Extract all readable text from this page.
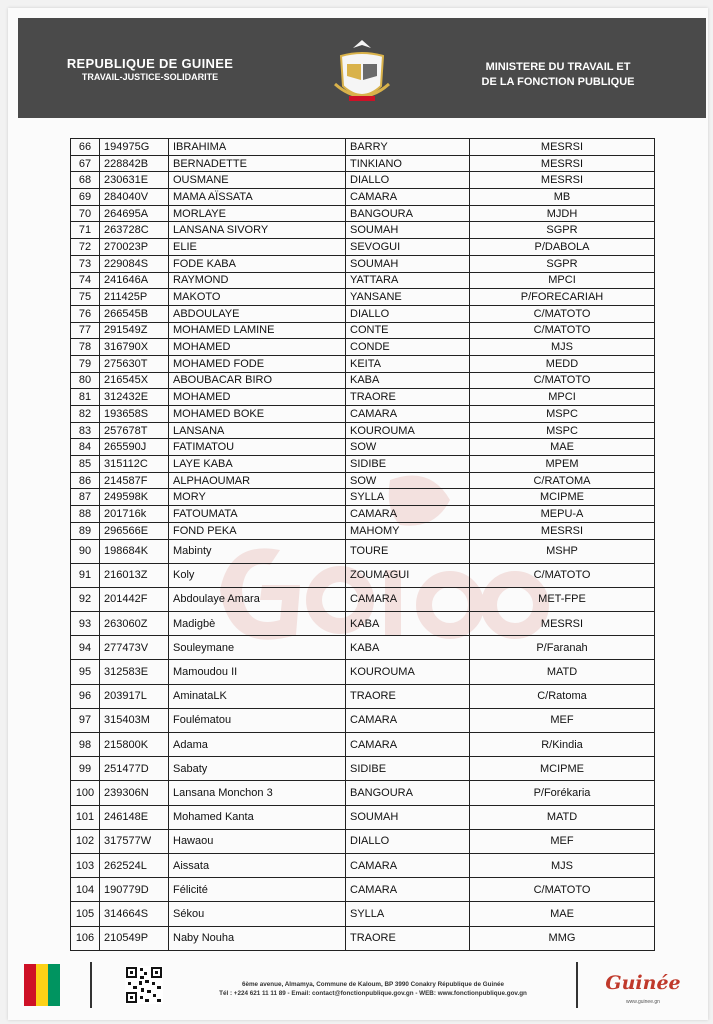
REPUBLIQUE DE GUINEE
TRAVAIL-JUSTICE-SOLIDARITE
MINISTERE DU TRAVAIL ET
DE LA FONCTION PUBLIQUE
66	194975G	IBRAHIMA	BARRY	MESRSI
67	228842B	BERNADETTE	TINKIANO	MESRSI
68	230631E	OUSMANE	DIALLO	MESRSI
69	284040V	MAMA AÏSSATA	CAMARA	MB
70	264695A	MORLAYE	BANGOURA	MJDH
71	263728C	LANSANA SIVORY	SOUMAH	SGPR
72	270023P	ELIE	SEVOGUI	P/DABOLA
73	229084S	FODE KABA	SOUMAH	SGPR
74	241646A	RAYMOND	YATTARA	MPCI
75	211425P	MAKOTO	YANSANE	P/FORECARIAH
76	266545B	ABDOULAYE	DIALLO	C/MATOTO
77	291549Z	MOHAMED LAMINE	CONTE	C/MATOTO
78	316790X	MOHAMED	CONDE	MJS
79	275630T	MOHAMED FODE	KEITA	MEDD
80	216545X	ABOUBACAR BIRO	KABA	C/MATOTO
81	312432E	MOHAMED	TRAORE	MPCI
82	193658S	MOHAMED BOKE	CAMARA	MSPC
83	257678T	LANSANA	KOUROUMA	MSPC
84	265590J	FATIMATOU	SOW	MAE
85	315112C	LAYE KABA	SIDIBE	MPEM
86	214587F	ALPHAOUMAR	SOW	C/RATOMA
87	249598K	MORY	SYLLA	MCIPME
88	201716k	FATOUMATA	CAMARA	MEPU-A
89	296566E	FOND PEKA	MAHOMY	MESRSI
90	198684K	Mabinty	TOURE	MSHP
91	216013Z	Koly	ZOUMAGUI	C/MATOTO
92	201442F	Abdoulaye Amara	CAMARA	MET-FPE
93	263060Z	Madigbè	KABA	MESRSI
94	277473V	Souleymane	KABA	P/Faranah
95	312583E	Mamoudou II	KOUROUMA	MATD
96	203917L	AminataLK	TRAORE	C/Ratoma
97	315403M	Foulématou	CAMARA	MEF
98	215800K	Adama	CAMARA	R/Kindia
99	251477D	Sabaty	SIDIBE	MCIPME
100	239306N	Lansana Monchon 3	BANGOURA	P/Forékaria
101	246148E	Mohamed Kanta	SOUMAH	MATD
102	317577W	Hawaou	DIALLO	MEF
103	262524L	Aissata	CAMARA	MJS
104	190779D	Félicité	CAMARA	C/MATOTO
105	314664S	Sékou	SYLLA	MAE
106	210549P	Naby Nouha	TRAORE	MMG
6ème avenue, Almamya, Commune de Kaloum, BP 3990 Conakry République de Guinée
Tél : +224 621 11 11 89 - Email: contact@fonctionpublique.gov.gn - WEB: www.fonctionpublique.gov.gn	Guinée
www.guinee.gn
